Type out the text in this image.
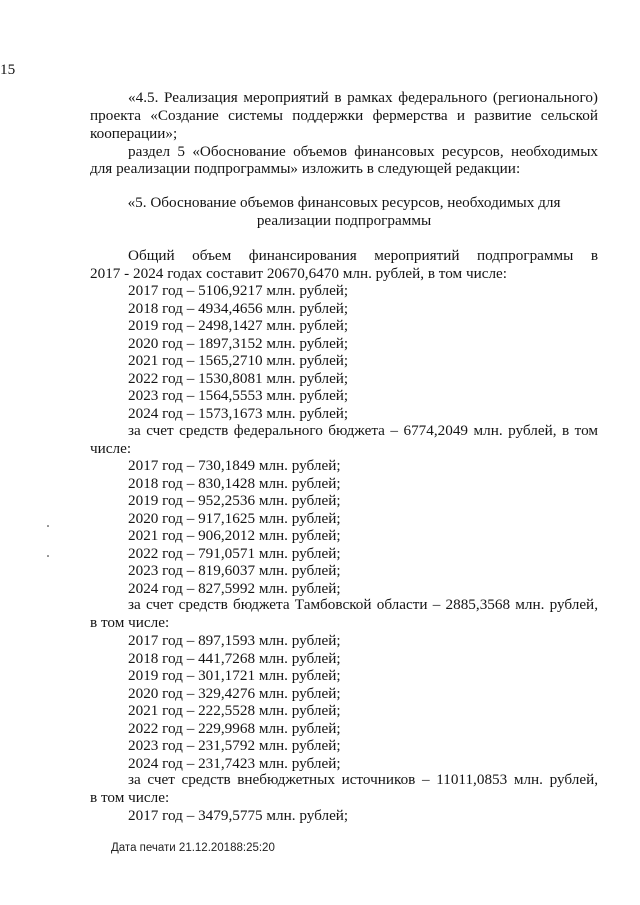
15
«4.5. Реализация мероприятий в рамках федерального (регионального)
проекта «Создание системы поддержки фермерства и развитие сельской
кооперации»;
раздел 5 «Обоснование объемов финансовых ресурсов, необходимых
для реализации подпрограммы» изложить в следующей редакции:
«5. Обоснование объемов финансовых ресурсов, необходимых для
реализации подпрограммы
Общий объем финансирования мероприятий подпрограммы в
2017 - 2024 годах составит 20670,6470 млн. рублей, в том числе:
2017 год – 5106,9217 млн. рублей;
2018 год – 4934,4656 млн. рублей;
2019 год – 2498,1427 млн. рублей;
2020 год – 1897,3152 млн. рублей;
2021 год – 1565,2710 млн. рублей;
2022 год – 1530,8081 млн. рублей;
2023 год – 1564,5553 млн. рублей;
2024 год – 1573,1673 млн. рублей;
за счет средств федерального бюджета – 6774,2049 млн. рублей, в том
числе:
2017 год – 730,1849 млн. рублей;
2018 год – 830,1428 млн. рублей;
2019 год – 952,2536 млн. рублей;
2020 год – 917,1625 млн. рублей;
2021 год – 906,2012 млн. рублей;
2022 год – 791,0571 млн. рублей;
2023 год – 819,6037 млн. рублей;
2024 год – 827,5992 млн. рублей;
за счет средств бюджета Тамбовской области – 2885,3568 млн. рублей,
в том числе:
2017 год – 897,1593 млн. рублей;
2018 год – 441,7268 млн. рублей;
2019 год – 301,1721 млн. рублей;
2020 год – 329,4276 млн. рублей;
2021 год – 222,5528 млн. рублей;
2022 год – 229,9968 млн. рублей;
2023 год – 231,5792 млн. рублей;
2024 год – 231,7423 млн. рублей;
за счет средств внебюджетных источников – 11011,0853 млн. рублей,
в том числе:
2017 год – 3479,5775 млн. рублей;
Дата печати 21.12.20188:25:20
